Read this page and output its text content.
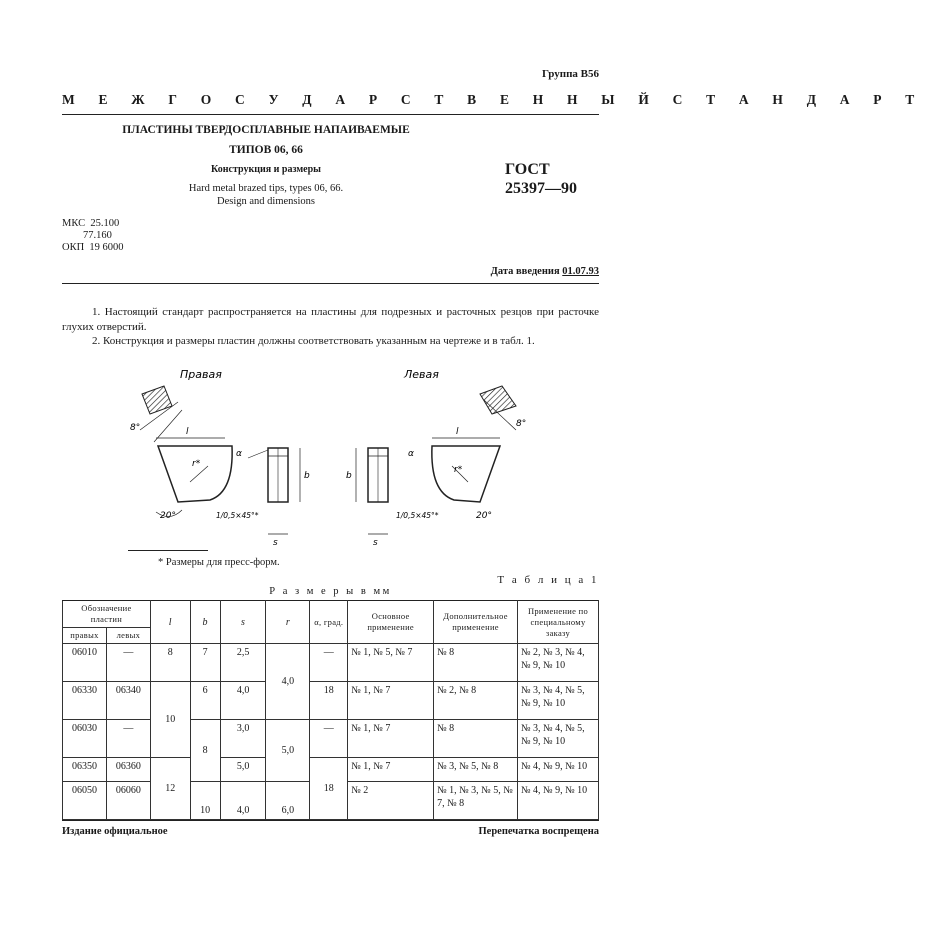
Группа В56
М Е Ж Г О С У Д А Р С Т В Е Н Н Ы Й С Т А Н Д А Р Т
ПЛАСТИНЫ ТВЕРДОСПЛАВНЫЕ НАПАИВАЕМЫЕ
ТИПОВ 06, 66
Конструкция и размеры
Hard metal brazed tips, types 06, 66.
Design and dimensions
ГОСТ
25397—90
МКС  25.100
77.160
ОКП  19 6000
Дата введения 01.07.93
1. Настоящий стандарт распространяется на пластины для подрезных и расточных резцов при расточке глухих отверстий.
2. Конструкция и размеры пластин должны соответствовать указанным на чертеже и в табл. 1.
Правая
8°	l
r*
20°
α
b
1/0,5×45°*
s
Левая
8°
l
r*
20°
α
b
1/0,5×45°*
s
* Размеры для пресс-форм.
Т а б л и ц а 1
Р а з м е р ы в мм
Обозначение пластин		l	b	s	r	α, град.	Основное применение	Дополнительное применение	Применение по специальному заказу
правых	левых								
06010	—	8	7	2,5	4,0	—	№ 1, № 5, № 7	№ 8	№ 2, № 3, № 4, № 9, № 10
06330	06340	10	6	4,0		18	№ 1, № 7	№ 2, № 8	№ 3, № 4, № 5, № 9, № 10
06030	—		8	3,0	5,0	—	№ 1, № 7	№ 8	№ 3, № 4, № 5, № 9, № 10
06350	06360	12		5,0		18	№ 1, № 7	№ 3, № 5, № 8	№ 4, № 9, № 10
06050	06060		10	4,0	6,0		№ 2	№ 1, № 3, № 5, № 7, № 8	№ 4, № 9, № 10
Издание официальное	Перепечатка воспрещена
